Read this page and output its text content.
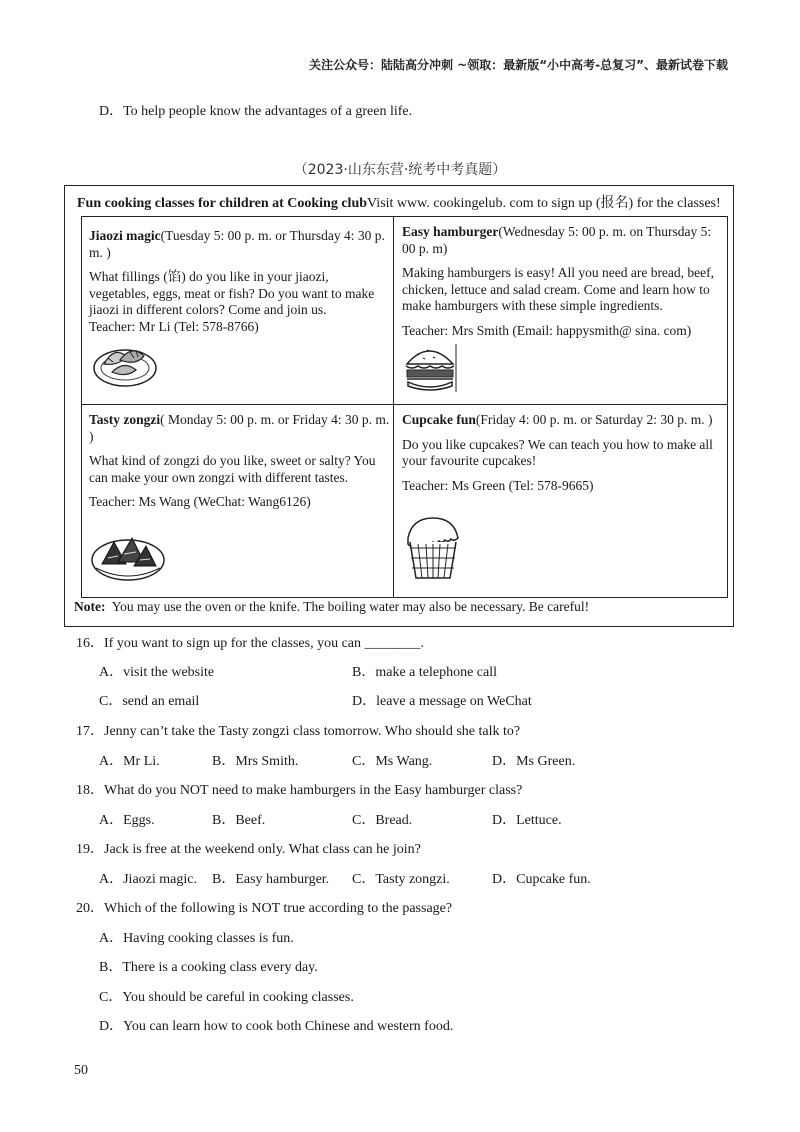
关注公众号：陆陆高分冲刺 ~领取：最新版“小中高考-总复习”、最新试卷下载
D．To help people know the advantages of a green life.
（2023·山东东营·统考中考真题）
Fun cooking classes for children at Cooking clubVisit www. cookingelub. com to sign up (报名) for the classes!

Jiaozi magic(Tuesday 5: 00 p. m. or Thursday 4: 30 p. m. )

What fillings (馅) do you like in your jiaozi, vegetables, eggs, meat or fish? Do you want to make jiaozi in different colors? Come and join us.

Teacher: Mr Li (Tel: 578-8766)

Easy hamburger(Wednesday 5: 00 p. m. on Thursday 5: 00 p. m)

Making hamburgers is easy! All you need are bread, beef, chicken, lettuce and salad cream. Come and learn how to make hamburgers with these simple ingredients.

Teacher: Mrs Smith (Email: happysmith@ sina. com)

Tasty zongzi( Monday 5: 00 p. m. or Friday 4: 30 p. m. )

What kind of zongzi do you like, sweet or salty? You can make your own zongzi with different tastes.

Teacher: Ms Wang (WeChat: Wang6126)

Cupcake fun(Friday 4: 00 p. m. or Saturday 2: 30 p. m. )

Do you like cupcakes? We can teach you how to make all your favourite cupcakes!

Teacher: Ms Green (Tel: 578-9665)

Note: You may use the oven or the knife. The boiling water may also be necessary. Be careful!
16．If you want to sign up for the classes, you can ________.
A．visit the website	B．make a telephone call
C．send an email	D．leave a message on WeChat
17．Jenny can’t take the Tasty zongzi class tomorrow. Who should she talk to?
A．Mr Li.	B．Mrs Smith.	C．Ms Wang.	D．Ms Green.
18．What do you NOT need to make hamburgers in the Easy hamburger class?
A．Eggs.	B．Beef.	C．Bread.	D．Lettuce.
19．Jack is free at the weekend only. What class can he join?
A．Jiaozi magic. B．Easy hamburger. C．Tasty zongzi.	D．Cupcake fun.
20．Which of the following is NOT true according to the passage?
A．Having cooking classes is fun.
B．There is a cooking class every day.
C．You should be careful in cooking classes.
D．You can learn how to cook both Chinese and western food.
50
